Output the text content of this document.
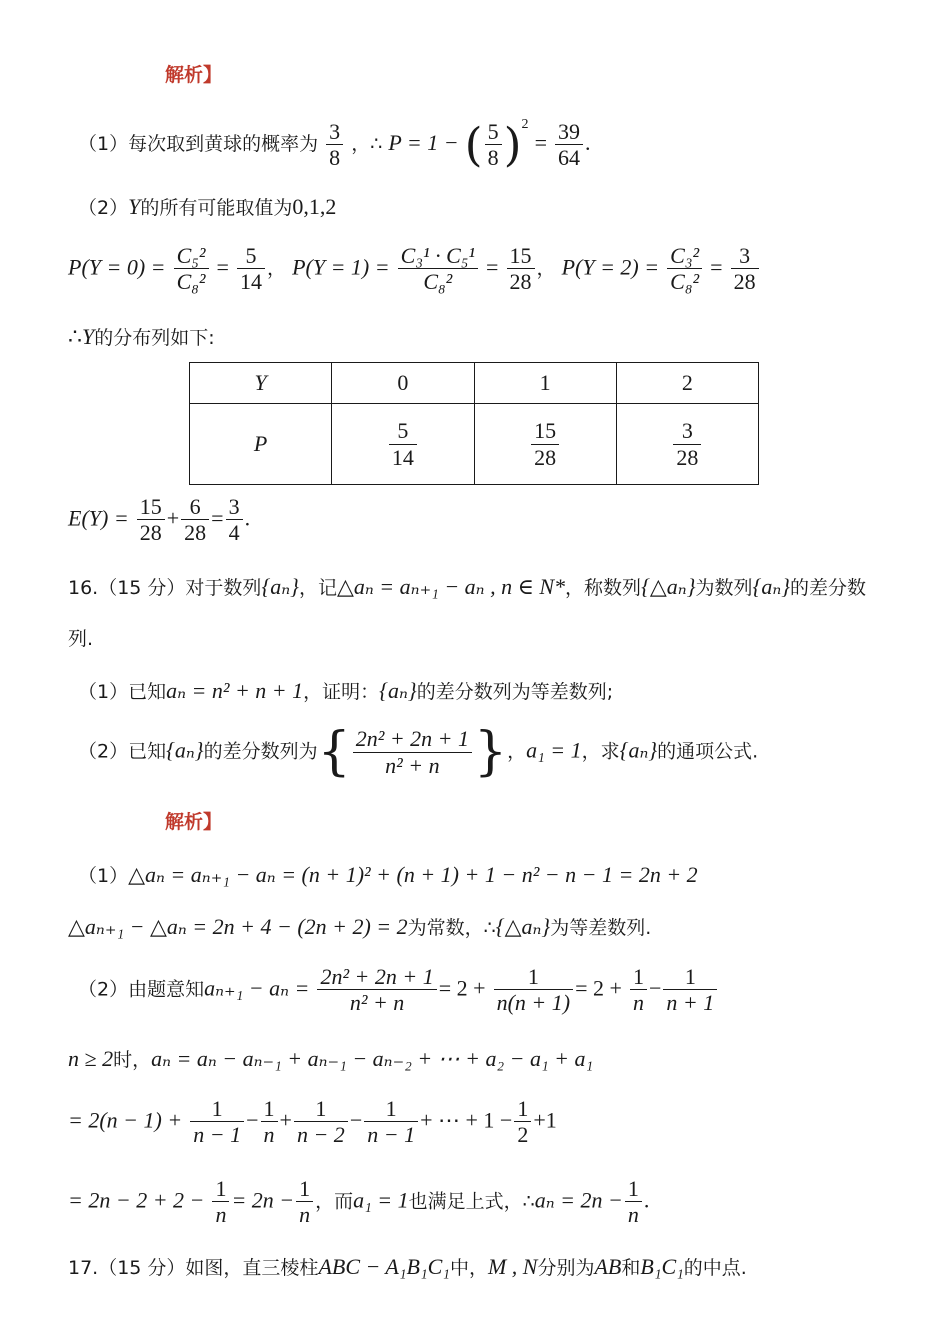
解析】
（1）每次取到黄球的概率为 $\frac{3}{8}$ ，∴ P = 1 − ( $\frac{5}{8} )^2 = \frac{39}{64}$ .
（2）Y的所有可能取值为0,1,2
$P(Y = 0) = \frac{\text{C₅²}}{\text{C₈²}} = \frac{5}{14}$ ， $P(Y = 1) = \frac{\text{C₃¹ · C₅¹}}{\text{C₈²}} = \frac{15}{28}$ ， $P(Y = 2) = \frac{\text{C₃²}}{\text{C₈²}} = \frac{3}{28}$
∴Y的分布列如下:
Y	0	1	2
P	$\frac{5}{14}$	$\frac{15}{28}$	$\frac{3}{28}$
$E(Y) = \frac{15}{28} + \frac{6}{28} = \frac{3}{4}$ .
16.（15 分）对于数列{aₙ}，记△aₙ = aₙ₊₁ − aₙ , n ∈ N*，称数列{△aₙ}为数列{aₙ}的差分数
列.
（1）已知aₙ = n² + n + 1，证明：{aₙ}的差分数列为等差数列;
（2）已知{aₙ}的差分数列为{ $\frac{\text{2n² + 2n + 1}}{\text{n² + n}}$ }，a₁ = 1，求{aₙ}的通项公式.
解析】
（1）△aₙ = aₙ₊₁ − aₙ = (n + 1)² + (n + 1) + 1 − n² − n − 1 = 2n + 2
△aₙ₊₁ − △aₙ = 2n + 4 − (2n + 2) = 2为常数，∴{△aₙ}为等差数列.
（2）由题意知$a_{n+1} - a_n = \frac{\text{2n² + 2n + 1}}{\text{n² + n}} = 2 + \frac{1}{n(n + 1)} = 2 + \frac{1}{n} - \frac{1}{n + 1}$
n ≥ 2时，aₙ = aₙ − aₙ₋₁ + aₙ₋₁ − aₙ₋₂ + ⋯ + a₂ − a₁ + a₁
= $2(n - 1) + \frac{1}{n - 1} - \frac{1}{n} + \frac{1}{n - 2} - \frac{1}{n - 1}$ + ⋯ + $1 - \frac{1}{2} +1$
= $2n - 2 + 2 - \frac{1}{n} = 2n - \frac{1}{n}$ ，而a₁ = 1也满足上式，∴aₙ = $2n - \frac{1}{n}$ .
17.（15 分）如图，直三棱柱ABC − A₁B₁C₁中，M , N分别为AB和B₁C₁的中点.
